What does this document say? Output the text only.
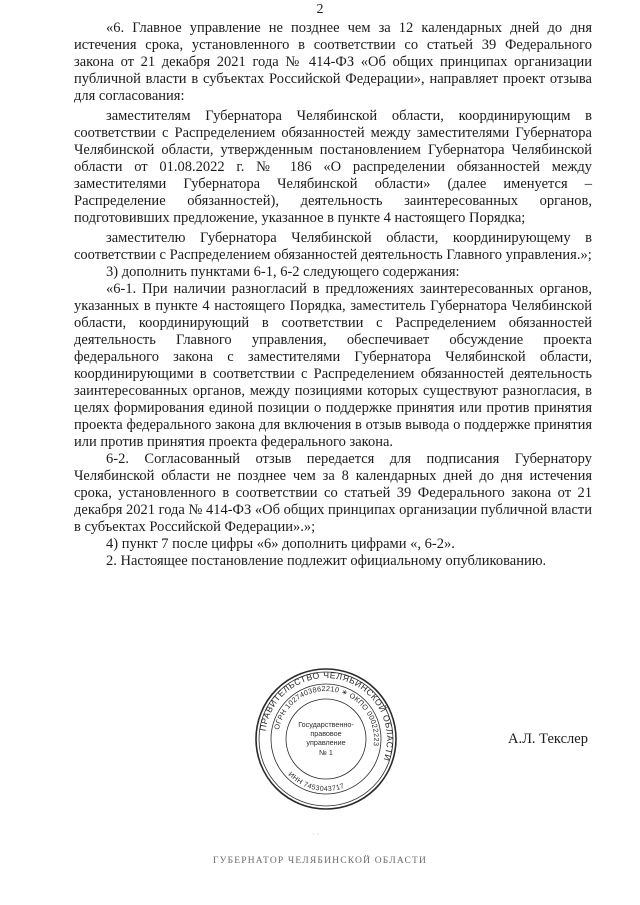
2

«6. Главное управление не позднее чем за 12 календарных дней до дня истечения срока, установленного в соответствии со статьей 39 Федерального закона от 21 декабря 2021 года № 414-ФЗ «Об общих принципах организации публичной власти в субъектах Российской Федерации», направляет проект отзыва для согласования:

заместителям Губернатора Челябинской области, координирующим в соответствии с Распределением обязанностей между заместителями Губернатора Челябинской области, утвержденным постановлением Губернатора Челябинской области от 01.08.2022 г. № 186 «О распределении обязанностей между заместителями Губернатора Челябинской области» (далее именуется – Распределение обязанностей), деятельность заинтересованных органов, подготовивших предложение, указанное в пункте 4 настоящего Порядка;

заместителю Губернатора Челябинской области, координирующему в соответствии с Распределением обязанностей деятельность Главного управления.»;

3) дополнить пунктами 6-1, 6-2 следующего содержания:

«6-1. При наличии разногласий в предложениях заинтересованных органов, указанных в пункте 4 настоящего Порядка, заместитель Губернатора Челябинской области, координирующий в соответствии с Распределением обязанностей деятельность Главного управления, обеспечивает обсуждение проекта федерального закона с заместителями Губернатора Челябинской области, координирующими в соответствии с Распределением обязанностей деятельность заинтересованных органов, между позициями которых существуют разногласия, в целях формирования единой позиции о поддержке принятия или против принятия проекта федерального закона для включения в отзыв вывода о поддержке принятия или против принятия проекта федерального закона.

6-2. Согласованный отзыв передается для подписания Губернатору Челябинской области не позднее чем за 8 календарных дней до дня истечения срока, установленного в соответствии со статьей 39 Федерального закона от 21 декабря 2021 года № 414-ФЗ «Об общих принципах организации публичной власти в субъектах Российской Федерации».»;

4) пункт 7 после цифры «6» дополнить цифрами «, 6-2».

2. Настоящее постановление подлежит официальному опубликованию.

ПРАВИТЕЛЬСТВО ЧЕЛЯБИНСКОЙ ОБЛАСТИ
ОГРН 1027403862210 ∗ ОКПО 00022223
ИНН 7453043717
Государственно-
правовое
управление
№ 1
А.Л. Текслер
· ·
ГУБЕРНАТОР ЧЕЛЯБИНСКОЙ ОБЛАСТИ
